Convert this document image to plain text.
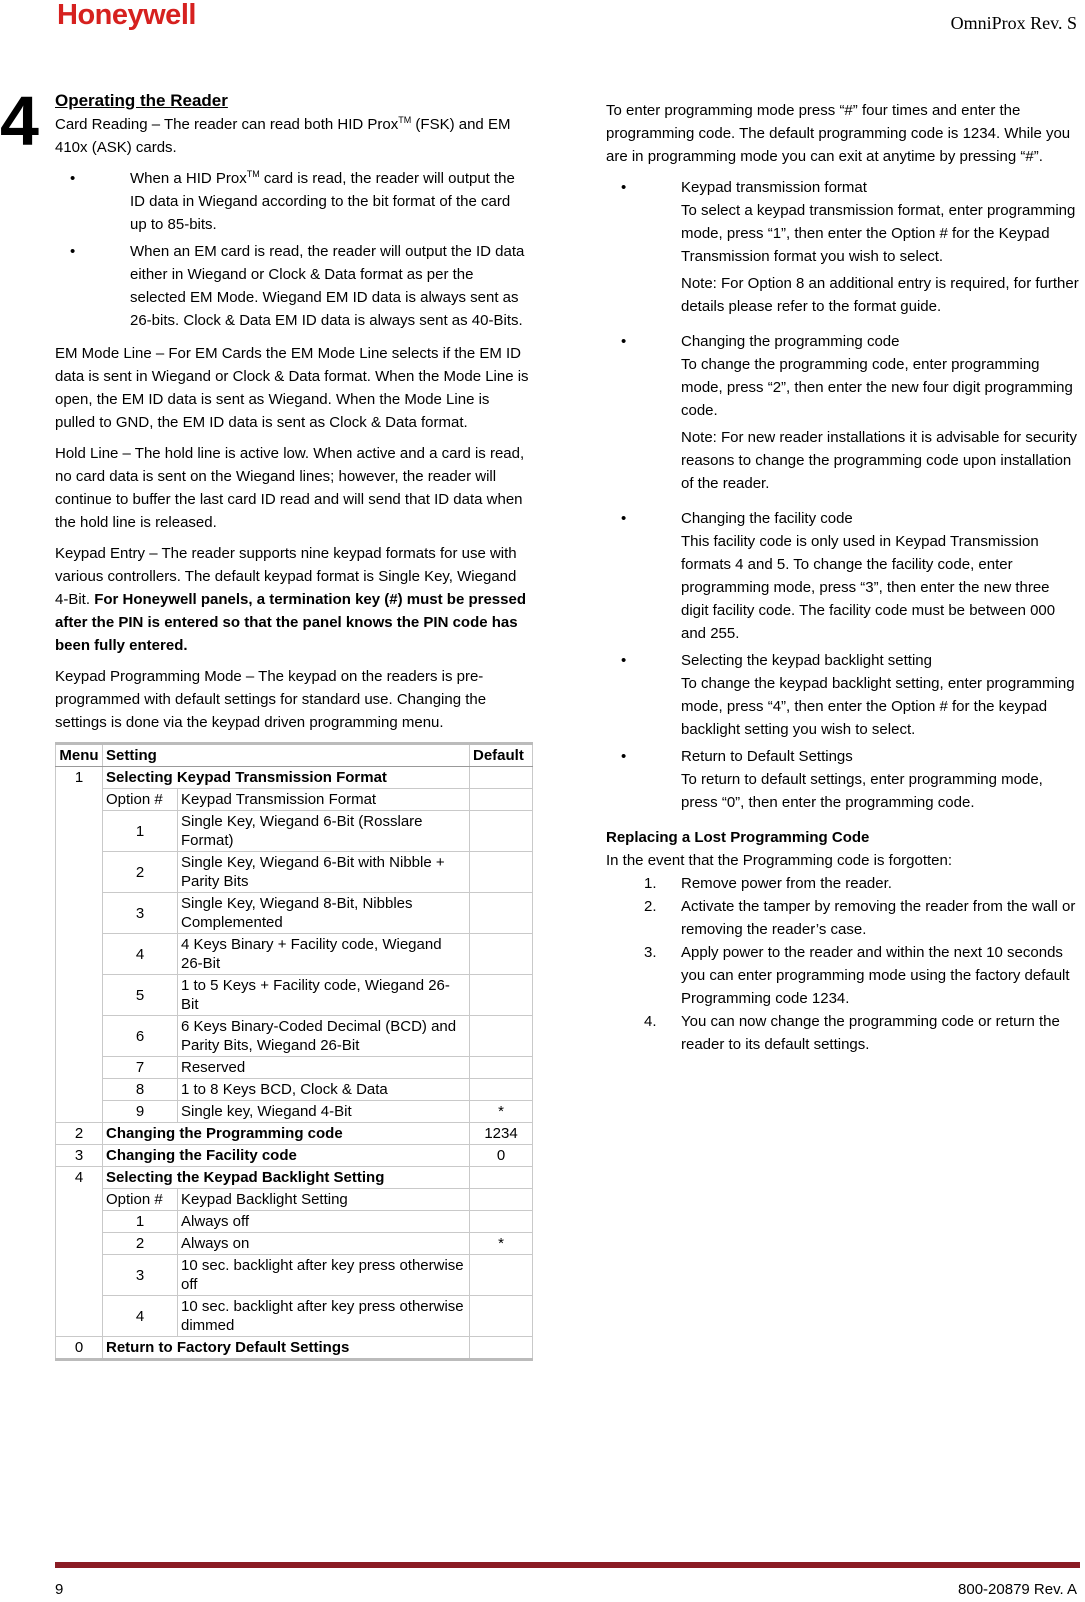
Honeywell	OmniProx Rev. S
4 Operating the Reader

Card Reading – The reader can read both HID Prox™ (FSK) and EM 410x (ASK) cards.

•	When a HID Prox™ card is read, the reader will output the ID data in Wiegand according to the bit format of the card up to 85-bits.
•	When an EM card is read, the reader will output the ID data either in Wiegand or Clock & Data format as per the selected EM Mode. Wiegand EM ID data is always sent as 26-bits. Clock & Data EM ID data is always sent as 40-Bits.

EM Mode Line – For EM Cards the EM Mode Line selects if the EM ID data is sent in Wiegand or Clock & Data format. When the Mode Line is open, the EM ID data is sent as Wiegand. When the Mode Line is pulled to GND, the EM ID data is sent as Clock & Data format.

Hold Line – The hold line is active low. When active and a card is read, no card data is sent on the Wiegand lines; however, the reader will continue to buffer the last card ID read and will send that ID data when the hold line is released.

Keypad Entry – The reader supports nine keypad formats for use with various controllers. The default keypad format is Single Key, Wiegand 4-Bit. For Honeywell panels, a termination key (#) must be pressed after the PIN is entered so that the panel knows the PIN code has been fully entered.

Keypad Programming Mode – The keypad on the readers is pre-programmed with default settings for standard use. Changing the settings is done via the keypad driven programming menu.

Menu	Setting		Default
1	Selecting Keypad Transmission Format		
	Option #	Keypad Transmission Format	
	1	Single Key, Wiegand 6-Bit (Rosslare Format)	
	2	Single Key, Wiegand 6-Bit with Nibble + Parity Bits	
	3	Single Key, Wiegand 8-Bit, Nibbles Complemented	
	4	4 Keys Binary + Facility code, Wiegand 26-Bit	
	5	1 to 5 Keys + Facility code, Wiegand 26-Bit	
	6	6 Keys Binary-Coded Decimal (BCD) and Parity Bits, Wiegand 26-Bit	
	7	Reserved	
	8	1 to 8 Keys BCD, Clock & Data	
	9	Single key, Wiegand 4-Bit	*
2	Changing the Programming code		1234
3	Changing the Facility code		0
4	Selecting the Keypad Backlight Setting		
	Option #	Keypad Backlight Setting	
	1	Always off	
	2	Always on	*
	3	10 sec. backlight after key press otherwise off	
	4	10 sec. backlight after key press otherwise dimmed	
0	Return to Factory Default Settings		

To enter programming mode press “#” four times and enter the programming code. The default programming code is 1234. While you are in programming mode you can exit at anytime by pressing “#”.

•	Keypad transmission format
To select a keypad transmission format, enter programming mode, press “1”, then enter the Option # for the Keypad Transmission format you wish to select.
Note: For Option 8 an additional entry is required, for further details please refer to the format guide.
•	Changing the programming code
To change the programming code, enter programming mode, press “2”, then enter the new four digit programming code.
Note: For new reader installations it is advisable for security reasons to change the programming code upon installation of the reader.
•	Changing the facility code
This facility code is only used in Keypad Transmission formats 4 and 5. To change the facility code, enter programming mode, press “3”, then enter the new three digit facility code. The facility code must be between 000 and 255.
•	Selecting the keypad backlight setting
To change the keypad backlight setting, enter programming mode, press “4”, then enter the Option # for the keypad backlight setting you wish to select.
•	Return to Default Settings
To return to default settings, enter programming mode, press “0”, then enter the programming code.
Replacing a Lost Programming Code
In the event that the Programming code is forgotten:
1. Remove power from the reader.
2. Activate the tamper by removing the reader from the wall or removing the reader’s case.
3. Apply power to the reader and within the next 10 seconds you can enter programming mode using the factory default Programming code 1234.
4. You can now change the programming code or return the reader to its default settings.
9	800-20879 Rev. A
